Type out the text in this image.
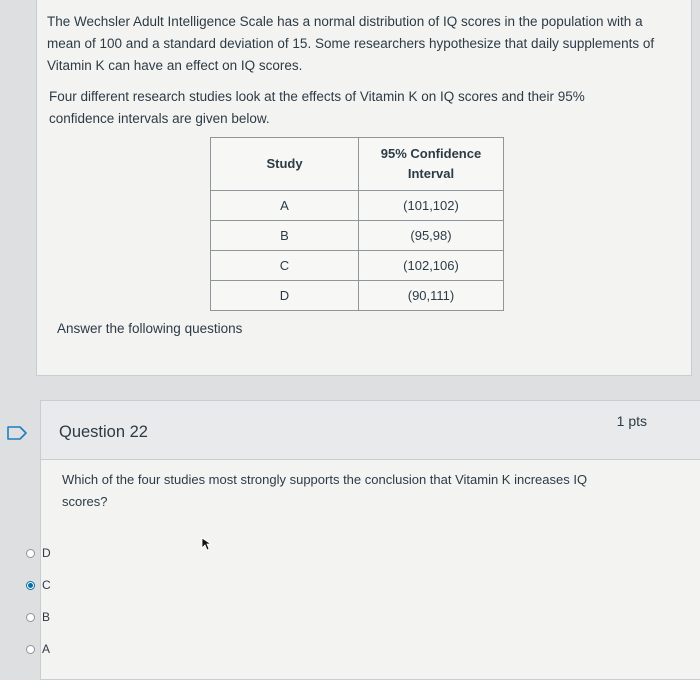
The Wechsler Adult Intelligence Scale has a normal distribution of IQ scores in the population with a mean of 100 and a standard deviation of 15. Some researchers hypothesize that daily supplements of Vitamin K can have an effect on IQ scores.

Four different research studies look at the effects of Vitamin K on IQ scores and their 95% confidence intervals are given below.

Study	95% Confidence Interval
A	(101,102)
B	(95,98)
C	(102,106)
D	(90,111)

Answer the following questions

Question 22
1 pts

Which of the four studies most strongly supports the conclusion that Vitamin K increases IQ scores?

D
C
B
A
